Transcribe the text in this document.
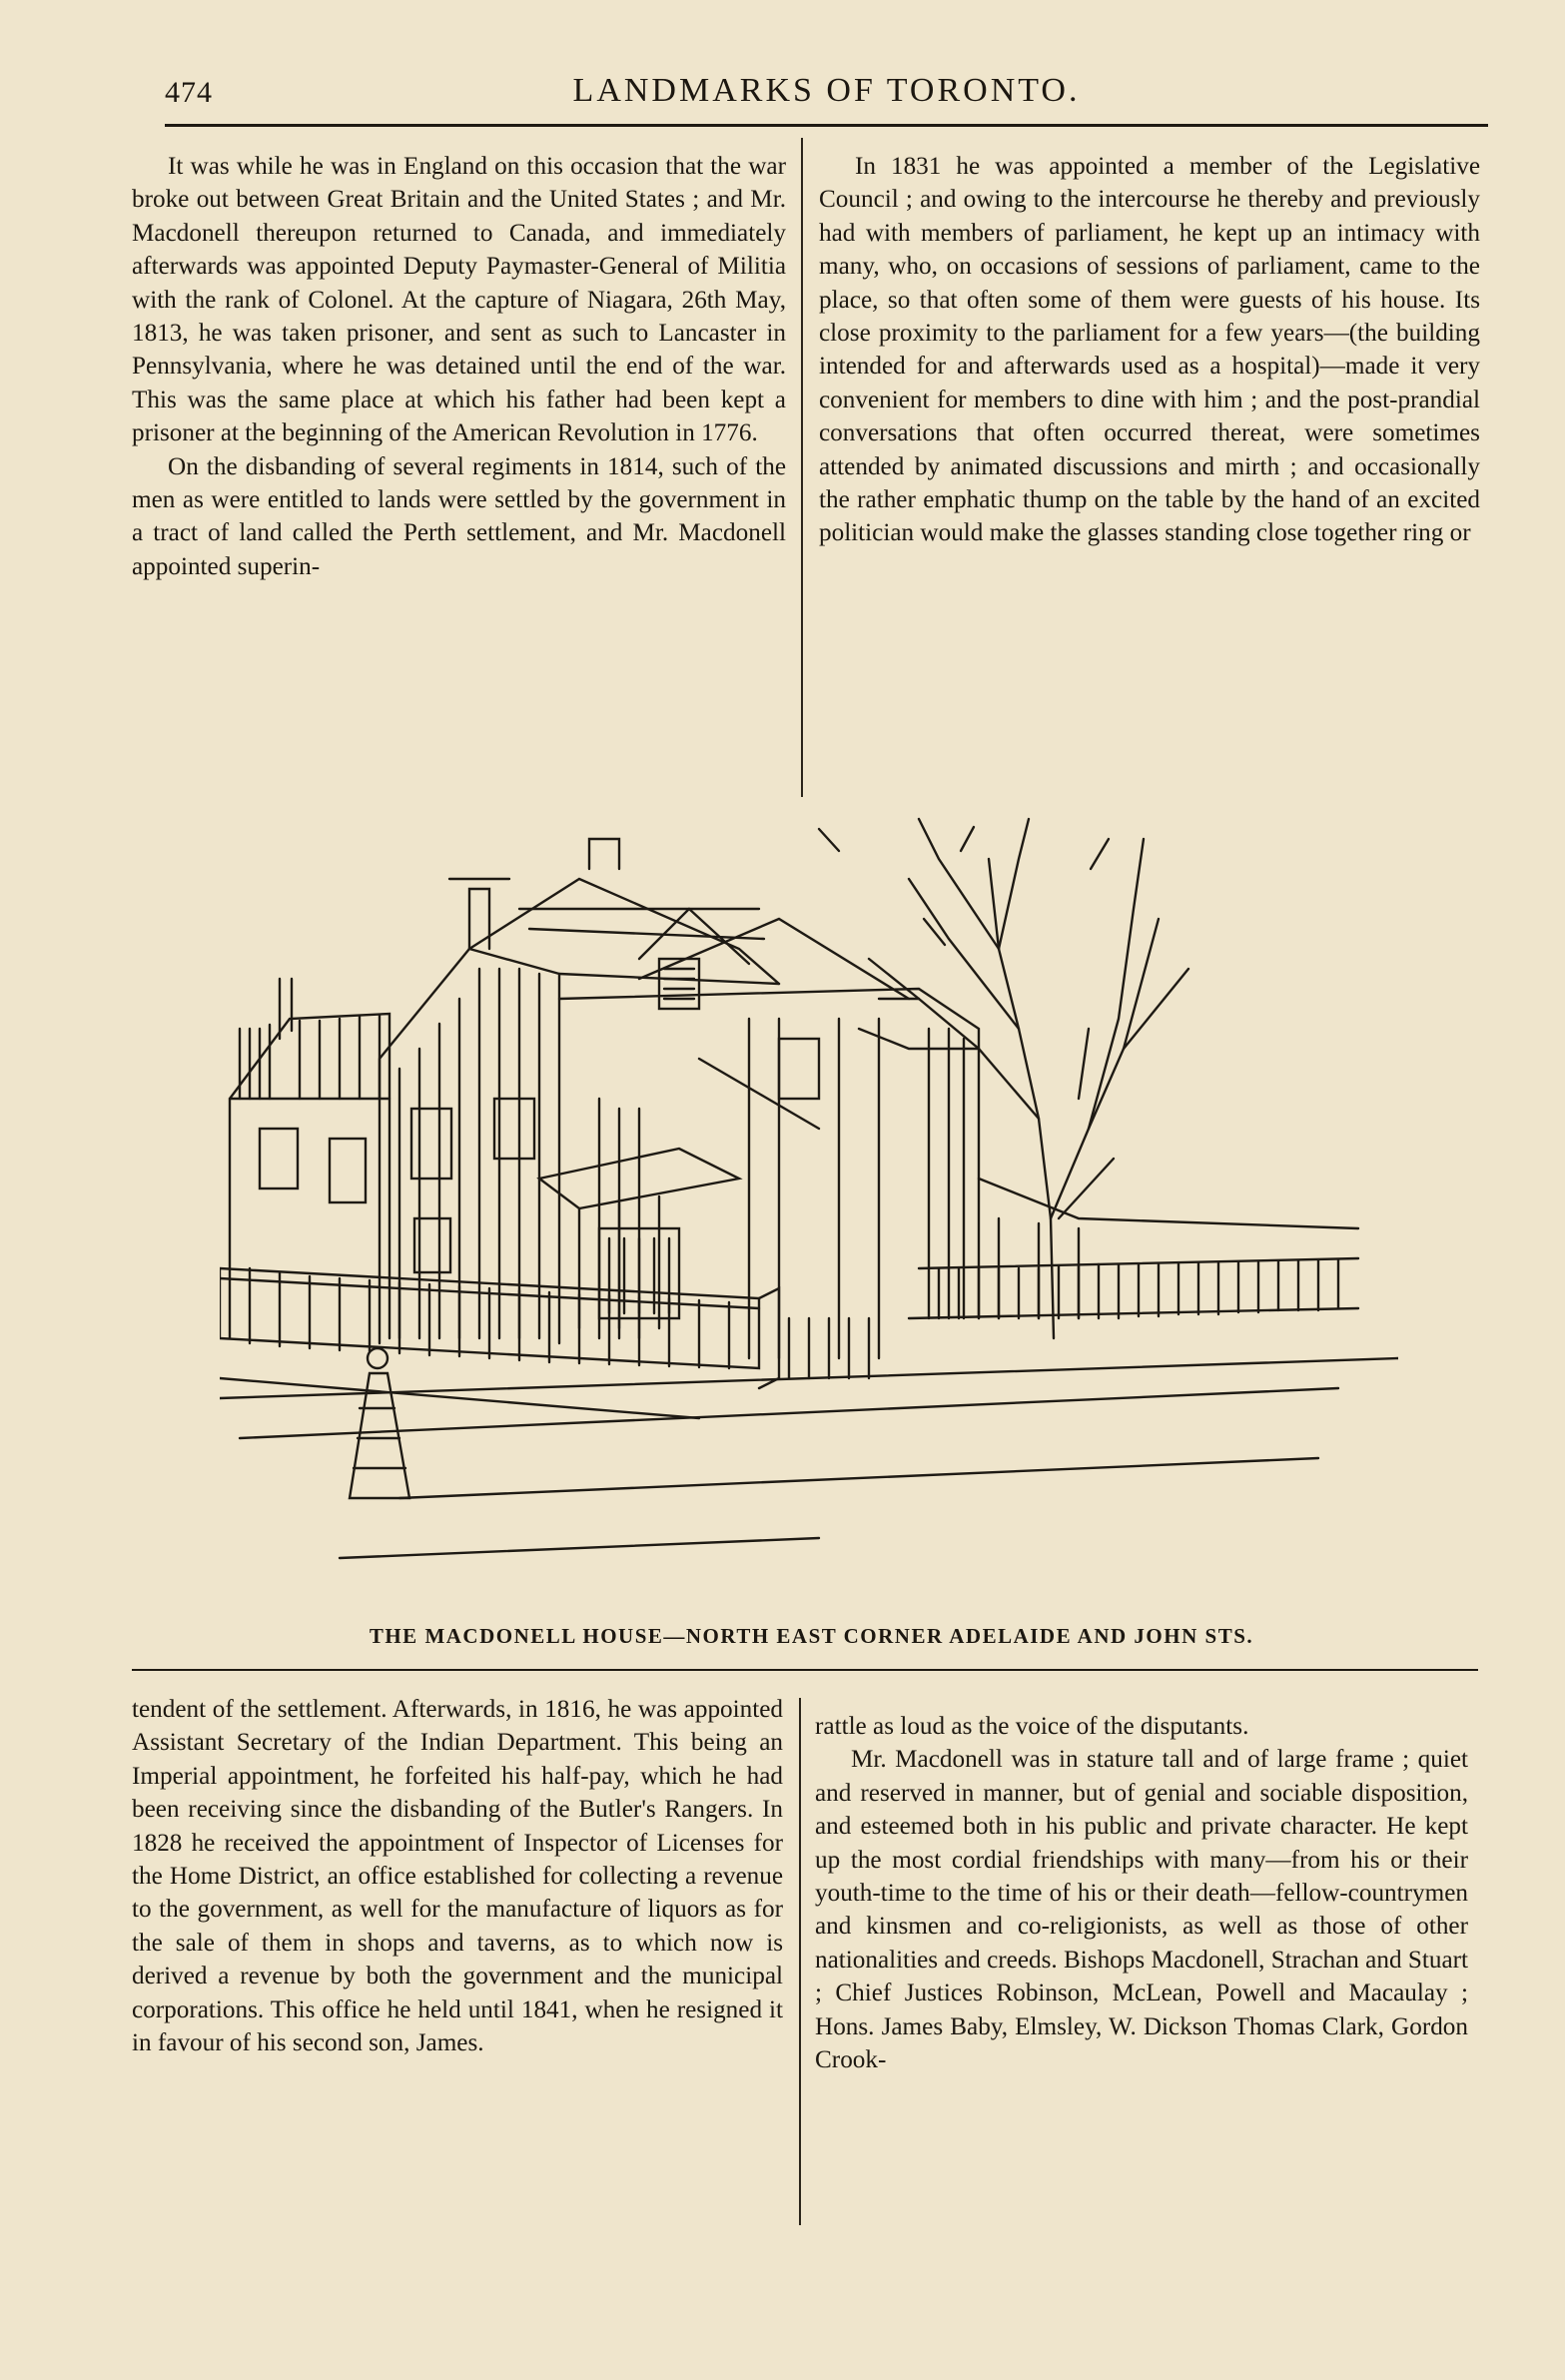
474	LANDMARKS OF TORONTO.

It was while he was in England on this occasion that the war broke out between Great Britain and the United States ; and Mr. Macdonell thereupon returned to Canada, and immediately afterwards was appointed Deputy Paymaster-General of Militia with the rank of Colonel. At the capture of Niagara, 26th May, 1813, he was taken prisoner, and sent as such to Lancaster in Pennsylvania, where he was detained until the end of the war. This was the same place at which his father had been kept a prisoner at the beginning of the American Revolution in 1776.

On the disbanding of several regiments in 1814, such of the men as were entitled to lands were settled by the government in a tract of land called the Perth settlement, and Mr. Macdonell appointed superin-

In 1831 he was appointed a member of the Legislative Council ; and owing to the intercourse he thereby and previously had with members of parliament, he kept up an intimacy with many, who, on occasions of sessions of parliament, came to the place, so that often some of them were guests of his house. Its close proximity to the parliament for a few years—(the building intended for and afterwards used as a hospital)—made it very convenient for members to dine with him ; and the post-prandial conversations that often occurred thereat, were sometimes attended by animated discussions and mirth ; and occasionally the rather emphatic thump on the table by the hand of an excited politician would make the glasses standing close together ring or

THE MACDONELL HOUSE—NORTH EAST CORNER ADELAIDE AND JOHN STS.

tendent of the settlement. Afterwards, in 1816, he was appointed Assistant Secretary of the Indian Department. This being an Imperial appointment, he forfeited his half-pay, which he had been receiving since the disbanding of the Butler's Rangers. In 1828 he received the appointment of Inspector of Licenses for the Home District, an office established for collecting a revenue to the government, as well for the manufacture of liquors as for the sale of them in shops and taverns, as to which now is derived a revenue by both the government and the municipal corporations. This office he held until 1841, when he resigned it in favour of his second son, James.

rattle as loud as the voice of the disputants.

Mr. Macdonell was in stature tall and of large frame ; quiet and reserved in manner, but of genial and sociable disposition, and esteemed both in his public and private character. He kept up the most cordial friendships with many—from his or their youth-time to the time of his or their death—fellow-countrymen and kinsmen and co-religionists, as well as those of other nationalities and creeds. Bishops Macdonell, Strachan and Stuart ; Chief Justices Robinson, McLean, Powell and Macaulay ; Hons. James Baby, Elmsley, W. Dickson Thomas Clark, Gordon Crook-
